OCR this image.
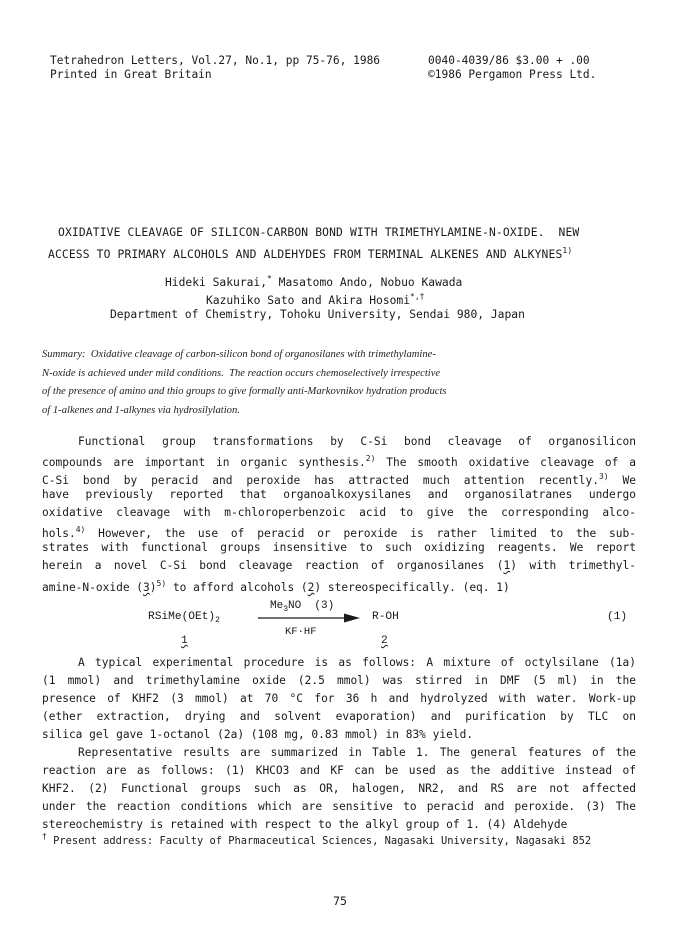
Tetrahedron Letters, Vol.27, No.1, pp 75-76, 1986
Printed in Great Britain
0040-4039/86 $3.00 + .00
©1986 Pergamon Press Ltd.
OXIDATIVE CLEAVAGE OF SILICON-CARBON BOND WITH TRIMETHYLAMINE-N-OXIDE.  NEW
ACCESS TO PRIMARY ALCOHOLS AND ALDEHYDES FROM TERMINAL ALKENES AND ALKYNES$^{1)}$
Hideki Sakurai,* Masatomo Ando, Nobuo Kawada
Kazuhiko Sato and Akira Hosomi*,†
Department of Chemistry, Tohoku University, Sendai 980, Japan

Summary:  Oxidative cleavage of carbon-silicon bond of organosilanes with trimethylamine-

N-oxide is achieved under mild conditions.  The reaction occurs chemoselectively irrespective

of the presence of amino and thio groups to give formally anti-Markovnikov hydration products

of 1-alkenes and 1-alkynes via hydrosilylation.

Functional group transformations by C-Si bond cleavage of organosilicon
compounds are important in organic synthesis.$^{2)}$ The smooth oxidative cleavage of a
C-Si bond by peracid and peroxide has attracted much attention recently.$^{3)}$ We
have previously reported that organoalkoxysilanes and organosilatranes undergo
oxidative cleavage with m-chloroperbenzoic acid to give the corresponding alco-
hols.$^{4)}$ However, the use of peracid or peroxide is rather limited to the sub-
strates with functional groups insensitive to such oxidizing reagents. We report
herein a novel C-Si bond cleavage reaction of organosilanes (1) with trimethyl-
amine-N-oxide $(3)^{5)}$ to afford alcohols (2) stereospecifically. (eq. 1)
$RSiMe(OEt)_2$
$Me_3NO$  (3)
KF·HF
R-OH	(1)
1	2
A typical experimental procedure is as follows: A mixture of octylsilane (1a)
(1 mmol) and trimethylamine oxide (2.5 mmol) was stirred in DMF (5 ml) in the
presence of KHF2 (3 mmol) at 70 °C for 36 h and hydrolyzed with water. Work-up
(ether extraction, drying and solvent evaporation) and purification by TLC on
silica gel gave 1-octanol (2a) (108 mg, 0.83 mmol) in 83% yield.
Representative results are summarized in Table 1. The general features of the
reaction are as follows: (1) KHCO3 and KF can be used as the additive instead of
KHF2. (2) Functional groups such as OR, halogen, NR2, and RS are not affected
under the reaction conditions which are sensitive to peracid and peroxide. (3) The
stereochemistry is retained with respect to the alkyl group of 1. (4) Aldehyde
† Present address: Faculty of Pharmaceutical Sciences, Nagasaki University, Nagasaki 852
75
